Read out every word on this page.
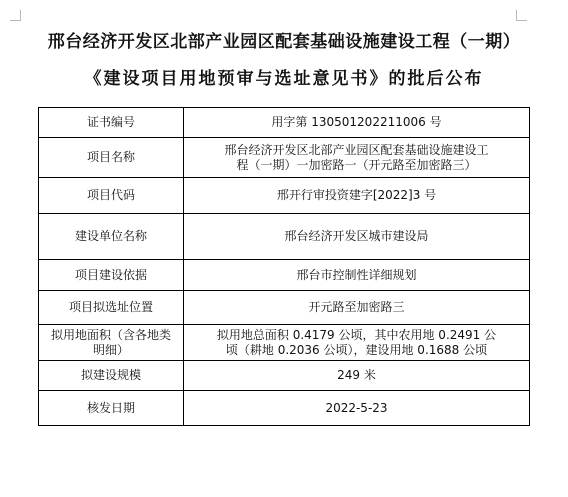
邢台经济开发区北部产业园区配套基础设施建设工程（一期）
《建设项目用地预审与选址意见书》的批后公布
证书编号	用字第 130501202211006 号
项目名称	邢台经济开发区北部产业园区配套基础设施建设工程（一期）一加密路一（开元路至加密路三）
项目代码	邢开行审投资建字[2022]3 号
建设单位名称	邢台经济开发区城市建设局
项目建设依据	邢台市控制性详细规划
项目拟选址位置	开元路至加密路三
拟用地面积（含各地类明细）	拟用地总面积 0.4179 公顷，其中农用地 0.2491 公顷（耕地 0.2036 公顷），建设用地 0.1688 公顷
拟建设规模	249 米
核发日期	2022-5-23
